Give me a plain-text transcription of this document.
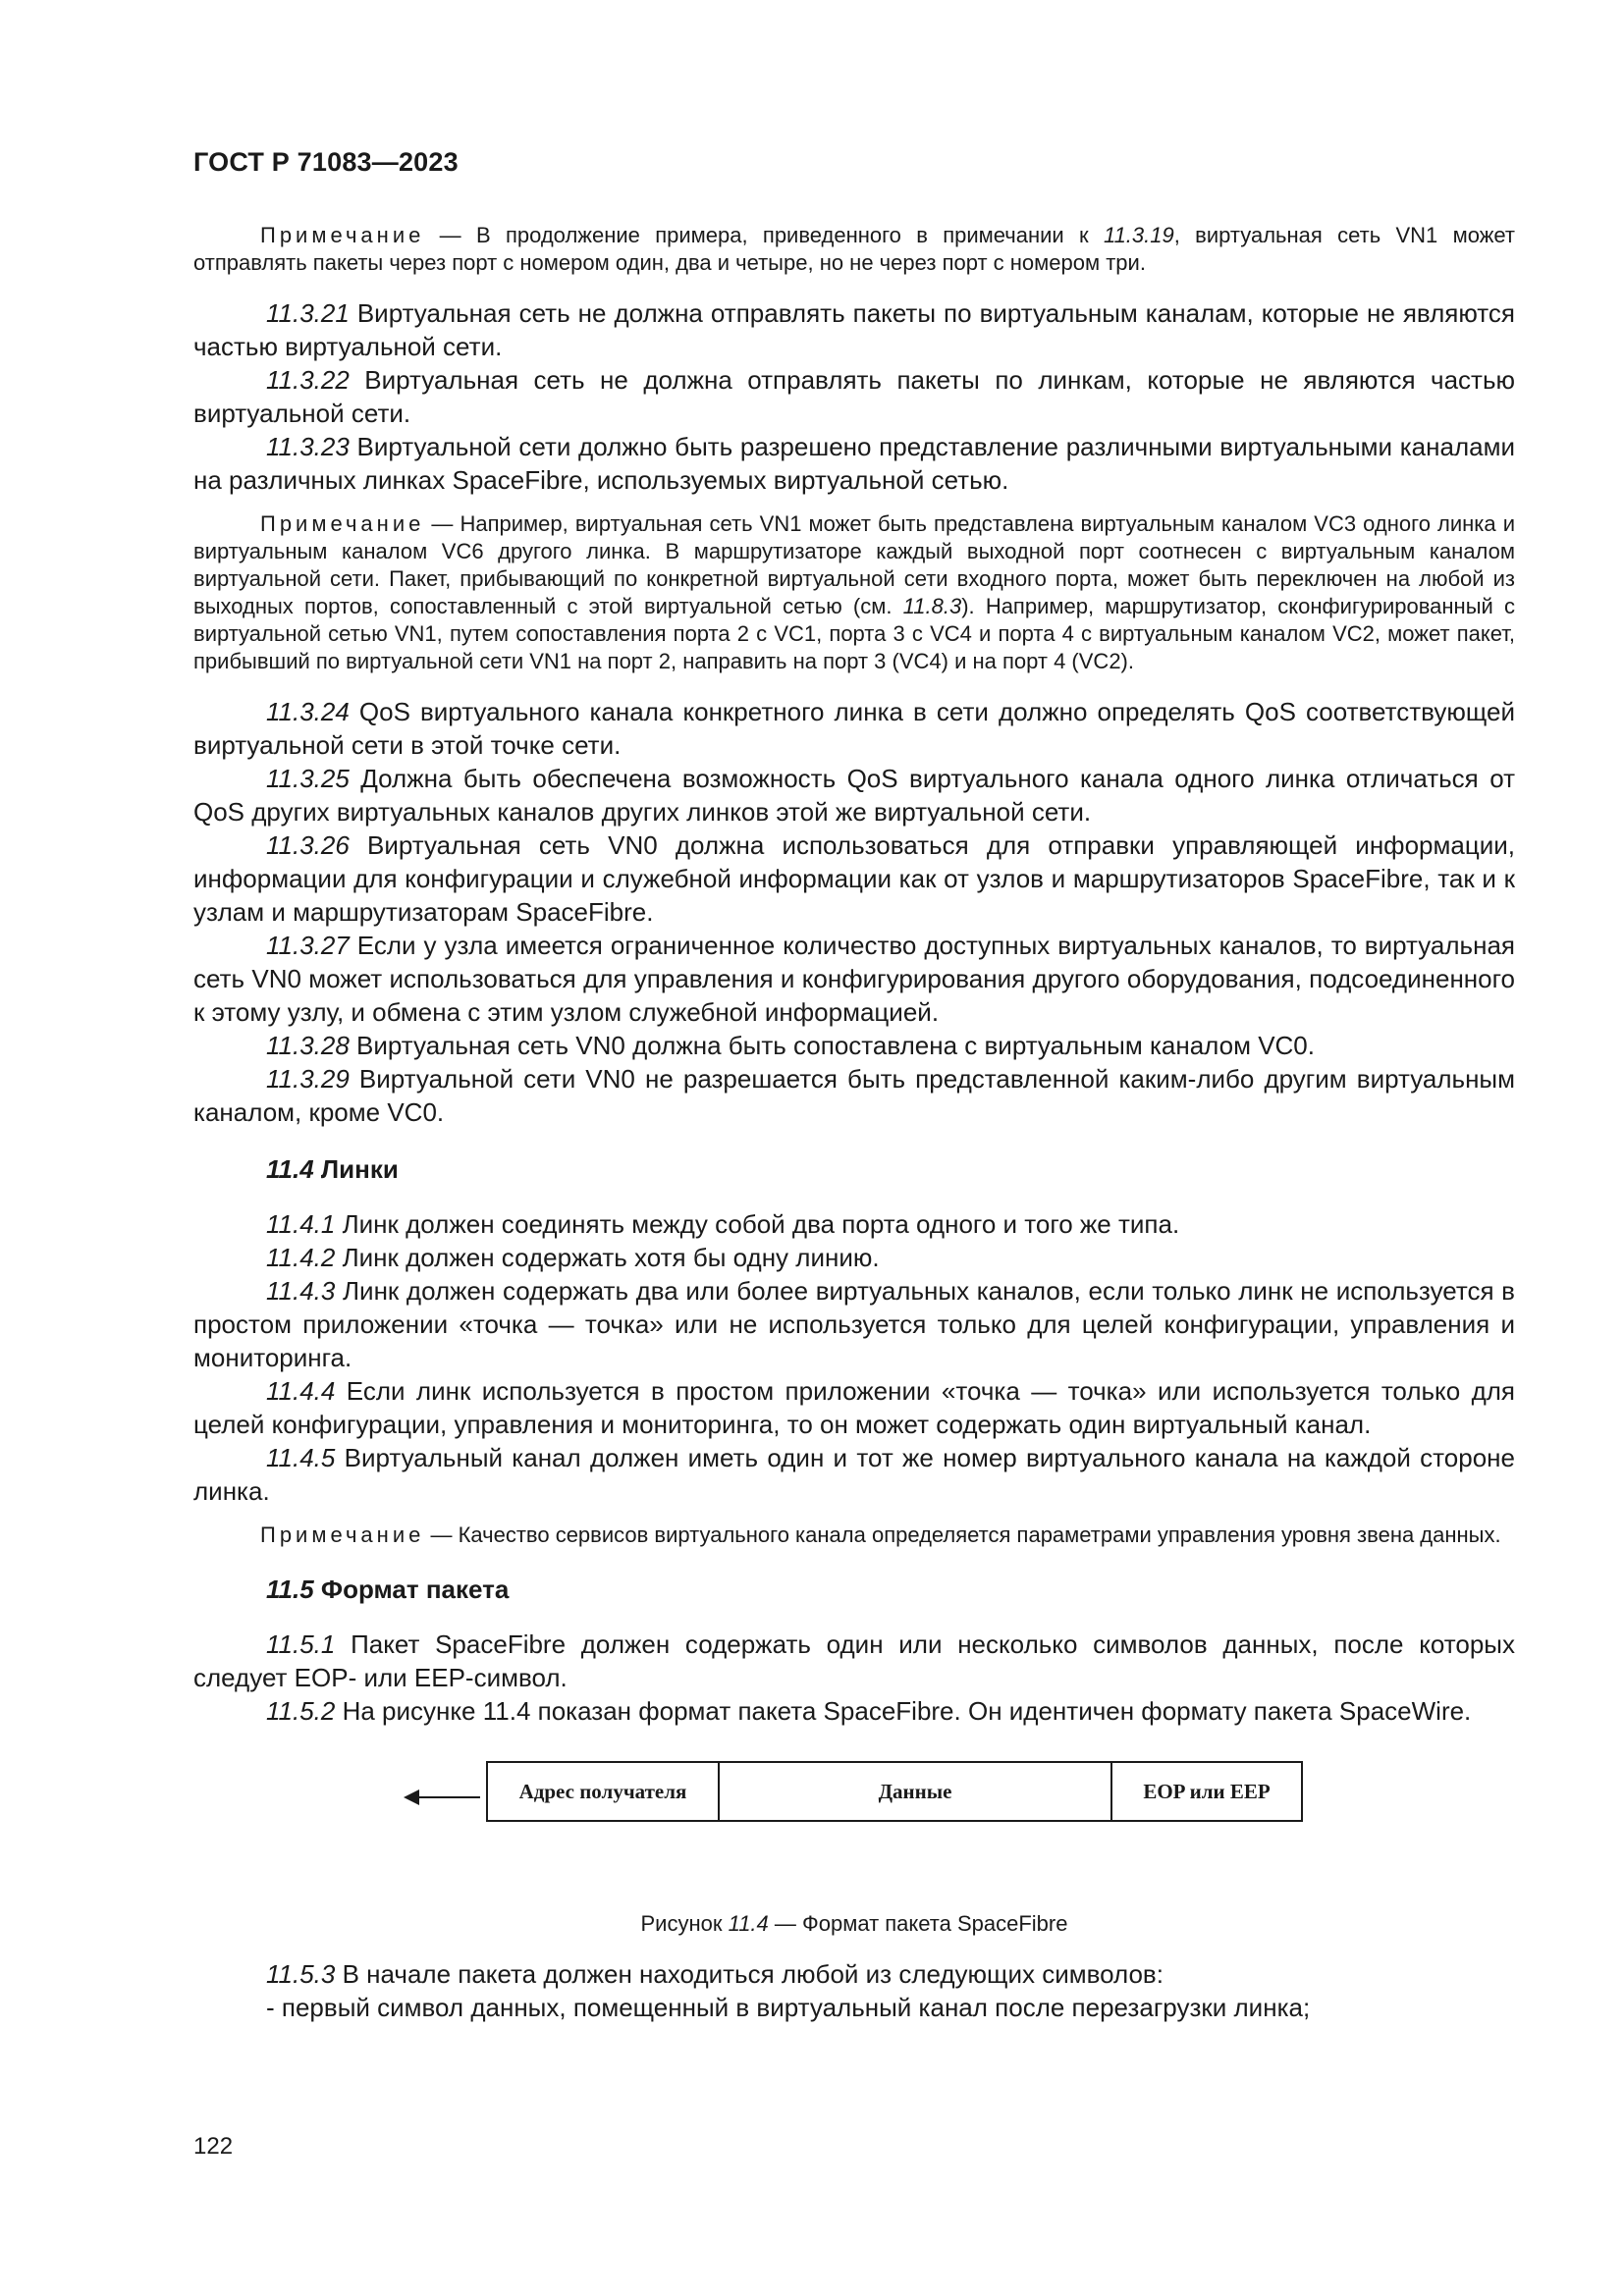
ГОСТ Р 71083—2023

Примечание — В продолжение примера, приведенного в примечании к 11.3.19, виртуальная сеть VN1 может отправлять пакеты через порт с номером один, два и четыре, но не через порт с номером три.

11.3.21 Виртуальная сеть не должна отправлять пакеты по виртуальным каналам, которые не являются частью виртуальной сети.

11.3.22 Виртуальная сеть не должна отправлять пакеты по линкам, которые не являются частью виртуальной сети.

11.3.23 Виртуальной сети должно быть разрешено представление различными виртуальными каналами на различных линках SpaceFibre, используемых виртуальной сетью.

Примечание — Например, виртуальная сеть VN1 может быть представлена виртуальным каналом VC3 одного линка и виртуальным каналом VC6 другого линка. В маршрутизаторе каждый выходной порт соотнесен с виртуальным каналом виртуальной сети. Пакет, прибывающий по конкретной виртуальной сети входного порта, может быть переключен на любой из выходных портов, сопоставленный с этой виртуальной сетью (см. 11.8.3). Например, маршрутизатор, сконфигурированный с виртуальной сетью VN1, путем сопоставления порта 2 с VC1, порта 3 с VC4 и порта 4 с виртуальным каналом VC2, может пакет, прибывший по виртуальной сети VN1 на порт 2, направить на порт 3 (VC4) и на порт 4 (VC2).

11.3.24 QoS виртуального канала конкретного линка в сети должно определять QoS соответствующей виртуальной сети в этой точке сети.

11.3.25 Должна быть обеспечена возможность QoS виртуального канала одного линка отличаться от QoS других виртуальных каналов других линков этой же виртуальной сети.

11.3.26 Виртуальная сеть VN0 должна использоваться для отправки управляющей информации, информации для конфигурации и служебной информации как от узлов и маршрутизаторов SpaceFibre, так и к узлам и маршрутизаторам SpaceFibre.

11.3.27 Если у узла имеется ограниченное количество доступных виртуальных каналов, то виртуальная сеть VN0 может использоваться для управления и конфигурирования другого оборудования, подсоединенного к этому узлу, и обмена с этим узлом служебной информацией.

11.3.28 Виртуальная сеть VN0 должна быть сопоставлена с виртуальным каналом VC0.

11.3.29 Виртуальной сети VN0 не разрешается быть представленной каким-либо другим виртуальным каналом, кроме VC0.

11.4 Линки

11.4.1 Линк должен соединять между собой два порта одного и того же типа.

11.4.2 Линк должен содержать хотя бы одну линию.

11.4.3 Линк должен содержать два или более виртуальных каналов, если только линк не используется в простом приложении «точка — точка» или не используется только для целей конфигурации, управления и мониторинга.

11.4.4 Если линк используется в простом приложении «точка — точка» или используется только для целей конфигурации, управления и мониторинга, то он может содержать один виртуальный канал.

11.4.5 Виртуальный канал должен иметь один и тот же номер виртуального канала на каждой стороне линка.

Примечание — Качество сервисов виртуального канала определяется параметрами управления уровня звена данных.

11.5 Формат пакета

11.5.1 Пакет SpaceFibre должен содержать один или несколько символов данных, после которых следует EOP- или EEP-символ.

11.5.2 На рисунке 11.4 показан формат пакета SpaceFibre. Он идентичен формату пакета SpaceWire.

Адрес получателя	Данные	EOP или EEP
Рисунок 11.4 — Формат пакета SpaceFibre

11.5.3 В начале пакета должен находиться любой из следующих символов:

- первый символ данных, помещенный в виртуальный канал после перезагрузки линка;

122
